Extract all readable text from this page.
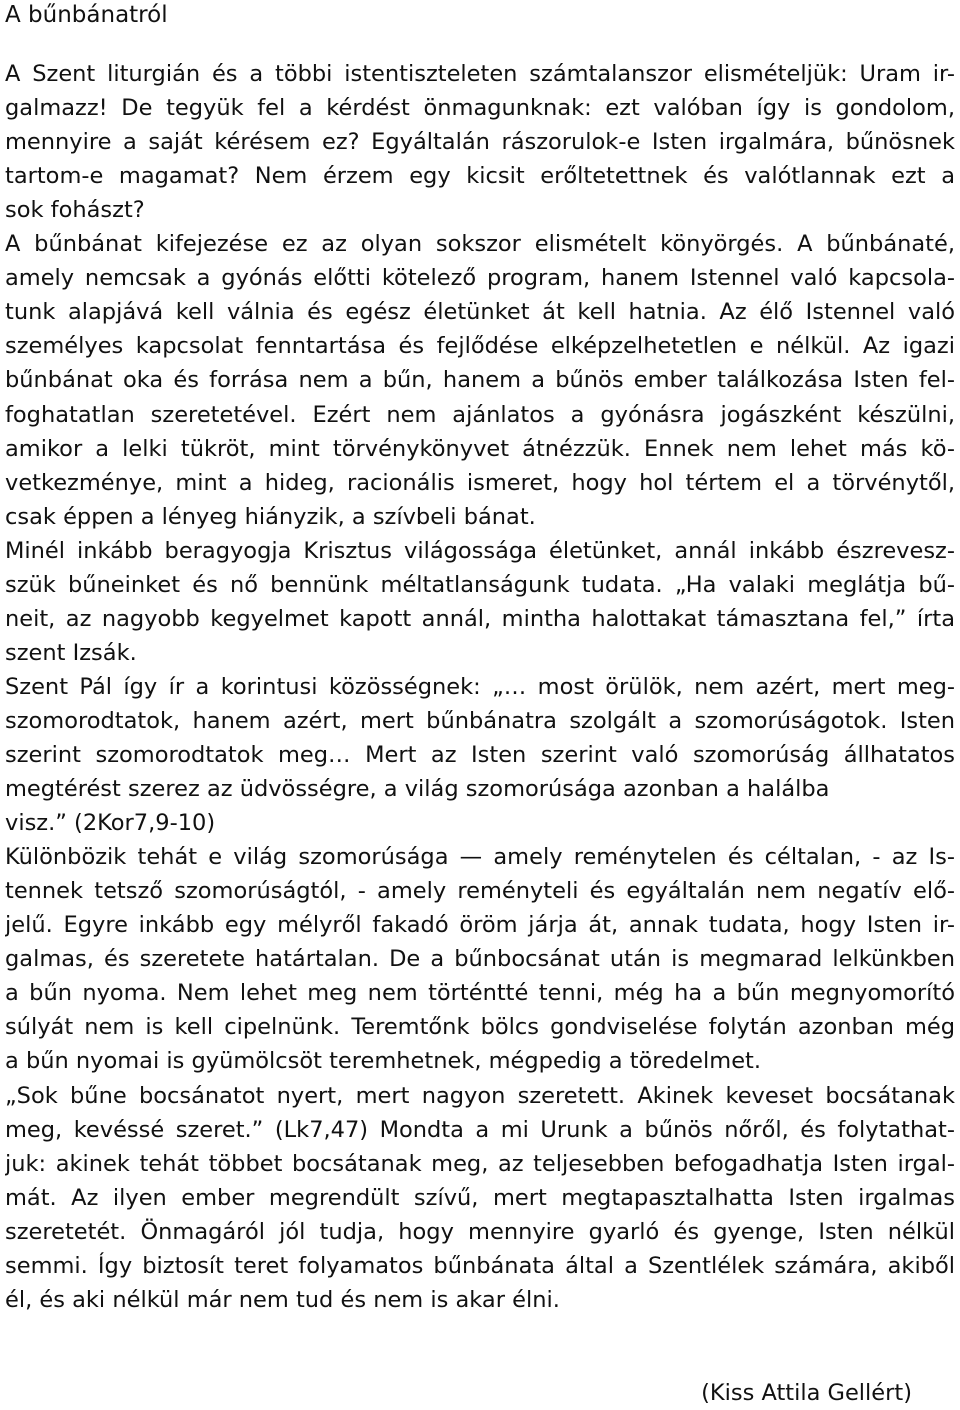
A bűnbánatról
A Szent liturgián és a többi istentiszteleten számtalanszor elismételjük: Uram ir-
galmazz! De tegyük fel a kérdést önmagunknak: ezt valóban így is gondolom,
mennyire a saját kérésem ez? Egyáltalán rászorulok-e Isten irgalmára, bűnösnek
tartom-e magamat? Nem érzem egy kicsit erőltetettnek és valótlannak ezt a
sok fohászt?
A bűnbánat kifejezése ez az olyan sokszor elismételt könyörgés. A bűnbánaté,
amely nemcsak a gyónás előtti kötelező program, hanem Istennel való kapcsola-
tunk alapjává kell válnia és egész életünket át kell hatnia. Az élő Istennel való
személyes kapcsolat fenntartása és fejlődése elképzelhetetlen e nélkül. Az igazi
bűnbánat oka és forrása nem a bűn, hanem a bűnös ember találkozása Isten fel-
foghatatlan szeretetével. Ezért nem ajánlatos a gyónásra jogászként készülni,
amikor a lelki tükröt, mint törvénykönyvet átnézzük. Ennek nem lehet más kö-
vetkezménye, mint a hideg, racionális ismeret, hogy hol tértem el a törvénytől,
csak éppen a lényeg hiányzik, a szívbeli bánat.
Minél inkább beragyogja Krisztus világossága életünket, annál inkább észrevesz-
szük bűneinket és nő bennünk méltatlanságunk tudata. „Ha valaki meglátja bű-
neit, az nagyobb kegyelmet kapott annál, mintha halottakat támasztana fel,” írta
szent Izsák.
Szent Pál így ír a korintusi közösségnek: „… most örülök, nem azért, mert meg-
szomorodtatok, hanem azért, mert bűnbánatra szolgált a szomorúságotok. Isten
szerint szomorodtatok meg… Mert az Isten szerint való szomorúság állhatatos
megtérést szerez az üdvösségre, a világ szomorúsága azonban a halálba
visz.” (2Kor7,9-10)
Különbözik tehát e világ szomorúsága — amely reménytelen és céltalan, - az Is-
tennek tetsző szomorúságtól, - amely reményteli és egyáltalán nem negatív elő-
jelű. Egyre inkább egy mélyről fakadó öröm járja át, annak tudata, hogy Isten ir-
galmas, és szeretete határtalan. De a bűnbocsánat után is megmarad lelkünkben
a bűn nyoma. Nem lehet meg nem történtté tenni, még ha a bűn megnyomorító
súlyát nem is kell cipelnünk. Teremtőnk bölcs gondviselése folytán azonban még
a bűn nyomai is gyümölcsöt teremhetnek, mégpedig a töredelmet.
„Sok bűne bocsánatot nyert, mert nagyon szeretett. Akinek keveset bocsátanak
meg, kevéssé szeret.” (Lk7,47) Mondta a mi Urunk a bűnös nőről, és folytathat-
juk: akinek tehát többet bocsátanak meg, az teljesebben befogadhatja Isten irgal-
mát. Az ilyen ember megrendült szívű, mert megtapasztalhatta Isten irgalmas
szeretetét. Önmagáról jól tudja, hogy mennyire gyarló és gyenge, Isten nélkül
semmi. Így biztosít teret folyamatos bűnbánata által a Szentlélek számára, akiből
él, és aki nélkül már nem tud és nem is akar élni.
(Kiss Attila Gellért)
